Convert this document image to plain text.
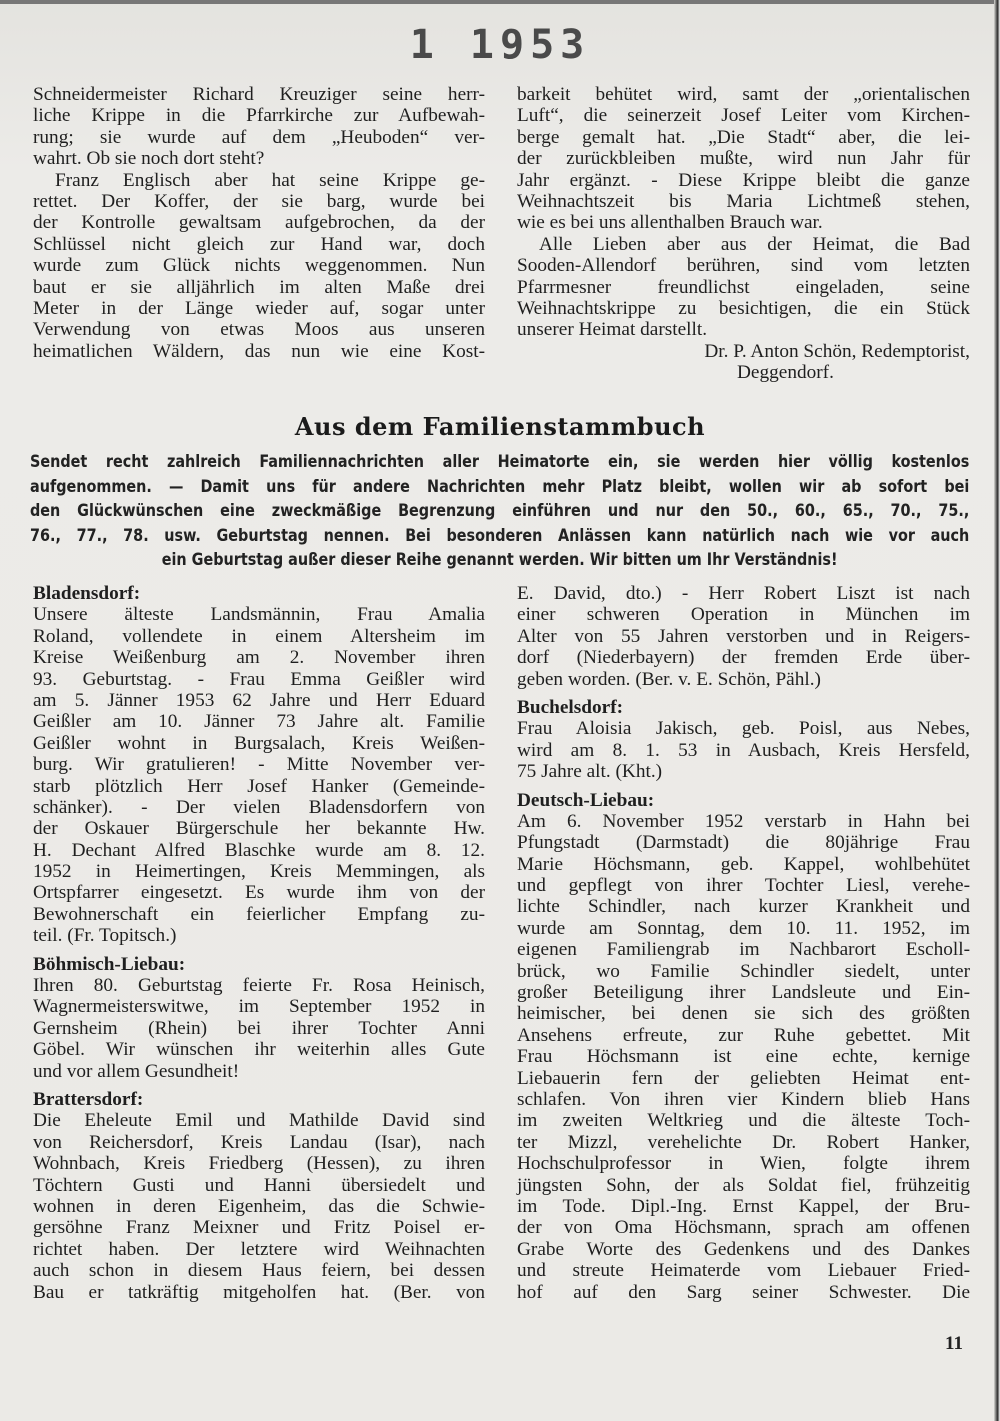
1 1953
Schneidermeister Richard Kreuziger seine herr-
liche Krippe in die Pfarrkirche zur Aufbewah-
rung; sie wurde auf dem „Heuboden“ ver-
wahrt. Ob sie noch dort steht?
Franz Englisch aber hat seine Krippe ge-
rettet. Der Koffer, der sie barg, wurde bei
der Kontrolle gewaltsam aufgebrochen, da der
Schlüssel nicht gleich zur Hand war, doch
wurde zum Glück nichts weggenommen. Nun
baut er sie alljährlich im alten Maße drei
Meter in der Länge wieder auf, sogar unter
Verwendung von etwas Moos aus unseren
heimatlichen Wäldern, das nun wie eine Kost-
barkeit behütet wird, samt der „orientalischen
Luft“, die seinerzeit Josef Leiter vom Kirchen-
berge gemalt hat. „Die Stadt“ aber, die lei-
der zurückbleiben mußte, wird nun Jahr für
Jahr ergänzt. - Diese Krippe bleibt die ganze
Weihnachtszeit bis Maria Lichtmeß stehen,
wie es bei uns allenthalben Brauch war.
Alle Lieben aber aus der Heimat, die Bad
Sooden-Allendorf berühren, sind vom letzten
Pfarrmesner freundlichst eingeladen, seine
Weihnachtskrippe zu besichtigen, die ein Stück
unserer Heimat darstellt.
Dr. P. Anton Schön, Redemptorist,
Deggendorf.
Aus dem Familienstammbuch
Sendet recht zahlreich Familiennachrichten aller Heimatorte ein, sie werden hier völlig kostenlos
aufgenommen. — Damit uns für andere Nachrichten mehr Platz bleibt, wollen wir ab sofort bei
den Glückwünschen eine zweckmäßige Begrenzung einführen und nur den 50., 60., 65., 70., 75.,
76., 77., 78. usw. Geburtstag nennen. Bei besonderen Anlässen kann natürlich nach wie vor auch
ein Geburtstag außer dieser Reihe genannt werden. Wir bitten um Ihr Verständnis!
Bladensdorf:
Unsere älteste Landsmännin, Frau Amalia
Roland, vollendete in einem Altersheim im
Kreise Weißenburg am 2. November ihren
93. Geburtstag. - Frau Emma Geißler wird
am 5. Jänner 1953 62 Jahre und Herr Eduard
Geißler am 10. Jänner 73 Jahre alt. Familie
Geißler wohnt in Burgsalach, Kreis Weißen-
burg. Wir gratulieren! - Mitte November ver-
starb plötzlich Herr Josef Hanker (Gemeinde-
schänker). - Der vielen Bladensdorfern von
der Oskauer Bürgerschule her bekannte Hw.
H. Dechant Alfred Blaschke wurde am 8. 12.
1952 in Heimertingen, Kreis Memmingen, als
Ortspfarrer eingesetzt. Es wurde ihm von der
Bewohnerschaft ein feierlicher Empfang zu-
teil. (Fr. Topitsch.)
Böhmisch-Liebau:
Ihren 80. Geburtstag feierte Fr. Rosa Heinisch,
Wagnermeisterswitwe, im September 1952 in
Gernsheim (Rhein) bei ihrer Tochter Anni
Göbel. Wir wünschen ihr weiterhin alles Gute
und vor allem Gesundheit!
Brattersdorf:
Die Eheleute Emil und Mathilde David sind
von Reichersdorf, Kreis Landau (Isar), nach
Wohnbach, Kreis Friedberg (Hessen), zu ihren
Töchtern Gusti und Hanni übersiedelt und
wohnen in deren Eigenheim, das die Schwie-
gersöhne Franz Meixner und Fritz Poisel er-
richtet haben. Der letztere wird Weihnachten
auch schon in diesem Haus feiern, bei dessen
Bau er tatkräftig mitgeholfen hat. (Ber. von
E. David, dto.) - Herr Robert Liszt ist nach
einer schweren Operation in München im
Alter von 55 Jahren verstorben und in Reigers-
dorf (Niederbayern) der fremden Erde über-
geben worden. (Ber. v. E. Schön, Pähl.)
Buchelsdorf:
Frau Aloisia Jakisch, geb. Poisl, aus Nebes,
wird am 8. 1. 53 in Ausbach, Kreis Hersfeld,
75 Jahre alt. (Kht.)
Deutsch-Liebau:
Am 6. November 1952 verstarb in Hahn bei
Pfungstadt (Darmstadt) die 80jährige Frau
Marie Höchsmann, geb. Kappel, wohlbehütet
und gepflegt von ihrer Tochter Liesl, verehe-
lichte Schindler, nach kurzer Krankheit und
wurde am Sonntag, dem 10. 11. 1952, im
eigenen Familiengrab im Nachbarort Escholl-
brück, wo Familie Schindler siedelt, unter
großer Beteiligung ihrer Landsleute und Ein-
heimischer, bei denen sie sich des größten
Ansehens erfreute, zur Ruhe gebettet. Mit
Frau Höchsmann ist eine echte, kernige
Liebauerin fern der geliebten Heimat ent-
schlafen. Von ihren vier Kindern blieb Hans
im zweiten Weltkrieg und die älteste Toch-
ter Mizzl, verehelichte Dr. Robert Hanker,
Hochschulprofessor in Wien, folgte ihrem
jüngsten Sohn, der als Soldat fiel, frühzeitig
im Tode. Dipl.-Ing. Ernst Kappel, der Bru-
der von Oma Höchsmann, sprach am offenen
Grabe Worte des Gedenkens und des Dankes
und streute Heimaterde vom Liebauer Fried-
hof auf den Sarg seiner Schwester. Die
11
